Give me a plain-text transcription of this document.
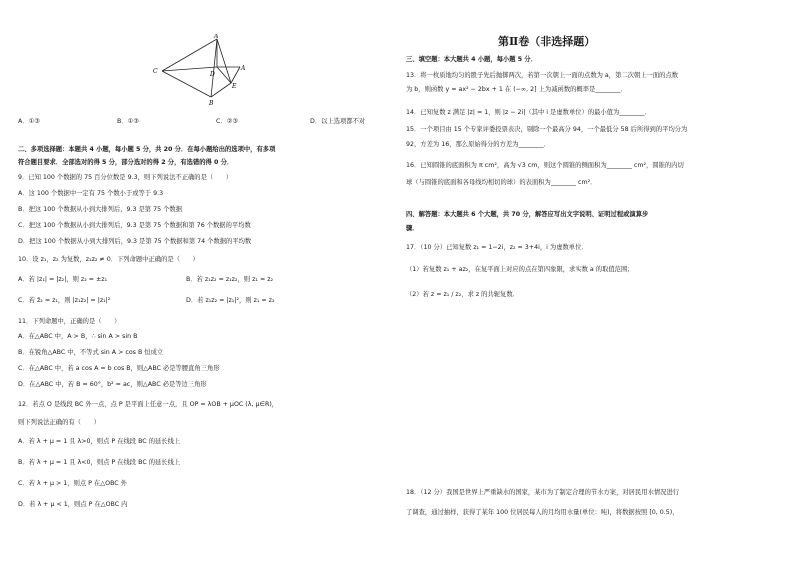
A
C	D
E
B
A
A．①③	B．①③	C．②③	D．以上选项都不对
二、多项选择题：本题共 4 小题，每小题 5 分，共 20 分．在每小题给出的选项中，有多项
符合题目要求．全部选对的得 5 分，部分选对的得 2 分，有选错的得 0 分．
9．已知 100 个数据的 75 百分位数是 9.3，则下列说法不正确的是（　　）
A．这 100 个数据中一定有 75 个数小于或等于 9.3
B．把这 100 个数据从小到大排列后，9.3 是第 75 个数据
C．把这 100 个数据从小到大排列后，9.3 是第 75 个数据和第 76 个数据的平均数
D．把这 100 个数据从小到大排列后，9.3 是第 75 个数据和第 74 个数据的平均数
10．设 z₁，z₂ 为复数，z₁z₂ ≠ 0．下列命题中正确的是（　　）
A．若 |z₁| = |z₂|，则 z₂ = ±z₁	B．若 z₁z₂ = z₁z₂，则 z₁ = z₂
C．若 z̄₂ = z₁，则 |z₁z₂| = |z₁|²	D．若 z₁z₂ = |z₁|²，则 z₁ = z₂
11．下列命题中，正确的是（　　）
A．在△ABC 中，A > B，∴ sin A > sin B
B．在锐角△ABC 中，不等式 sin A > cos B 恒成立
C．在△ABC 中，若 a cos A = b cos B，则△ABC 必是等腰直角三角形
D．在△ABC 中，若 B = 60°，b² = ac，则△ABC 必是等边三角形
12．若点 O 是线段 BC 外一点，点 P 是平面上任意一点，且 OP = λOB + μOC (λ, μ∈R)，
则下列说法正确的有（　　）
A．若 λ + μ = 1 且 λ>0，则点 P 在线段 BC 的延长线上
B．若 λ + μ = 1 且 λ<0，则点 P 在线段 BC 的延长线上
C．若 λ + μ > 1，则点 P 在△OBC 外
D．若 λ + μ < 1，则点 P 在△OBC 内
第Ⅱ卷（非选择题）
三、填空题：本大题共 4 小题，每小题 5 分．
13．将一枚质地均匀的骰子先后抛掷两次，若第一次朝上一面的点数为 a，第二次朝上一面的点数
为 b，则函数 y = ax² − 2bx + 1 在 (−∞, 2] 上为减函数的概率是________．
14．已知复数 z 满足 |z| = 1，则 |z − 2i|（其中 i 是虚数单位）的最小值为________．
15．一个项目由 15 个专家评委投票表决，剔除一个最高分 94，一个最低分 58 后所得到的平均分为
92，方差为 16，那么原始得分的方差为________．
16．已知圆锥的底面积为 π cm²，高为 √3 cm，则这个圆锥的侧面积为________ cm²，圆锥的内切
球（与圆锥的底面和各母线均相切的球）的表面积为________ cm²．
四、解答题：本大题共 6 个大题，共 70 分，解答应写出文字说明、证明过程或演算步
骤．
17．（10 分）已知复数 z₁ = 1−2i，z₂ = 3+4i，i 为虚数单位．
（1）若复数 z₁ + az₂，在复平面上对应的点在第四象限，求实数 a 的取值范围；
（2）若 z = z₁ / z₂，求 z 的共轭复数．
18．（12 分）我国是世界上严重缺水的国家，某市为了制定合理的节水方案，对居民用水情况进行
了调查，通过抽样，获得了某年 100 位居民每人的月均用水量(单位：吨)，将数据按照 [0, 0.5)，
